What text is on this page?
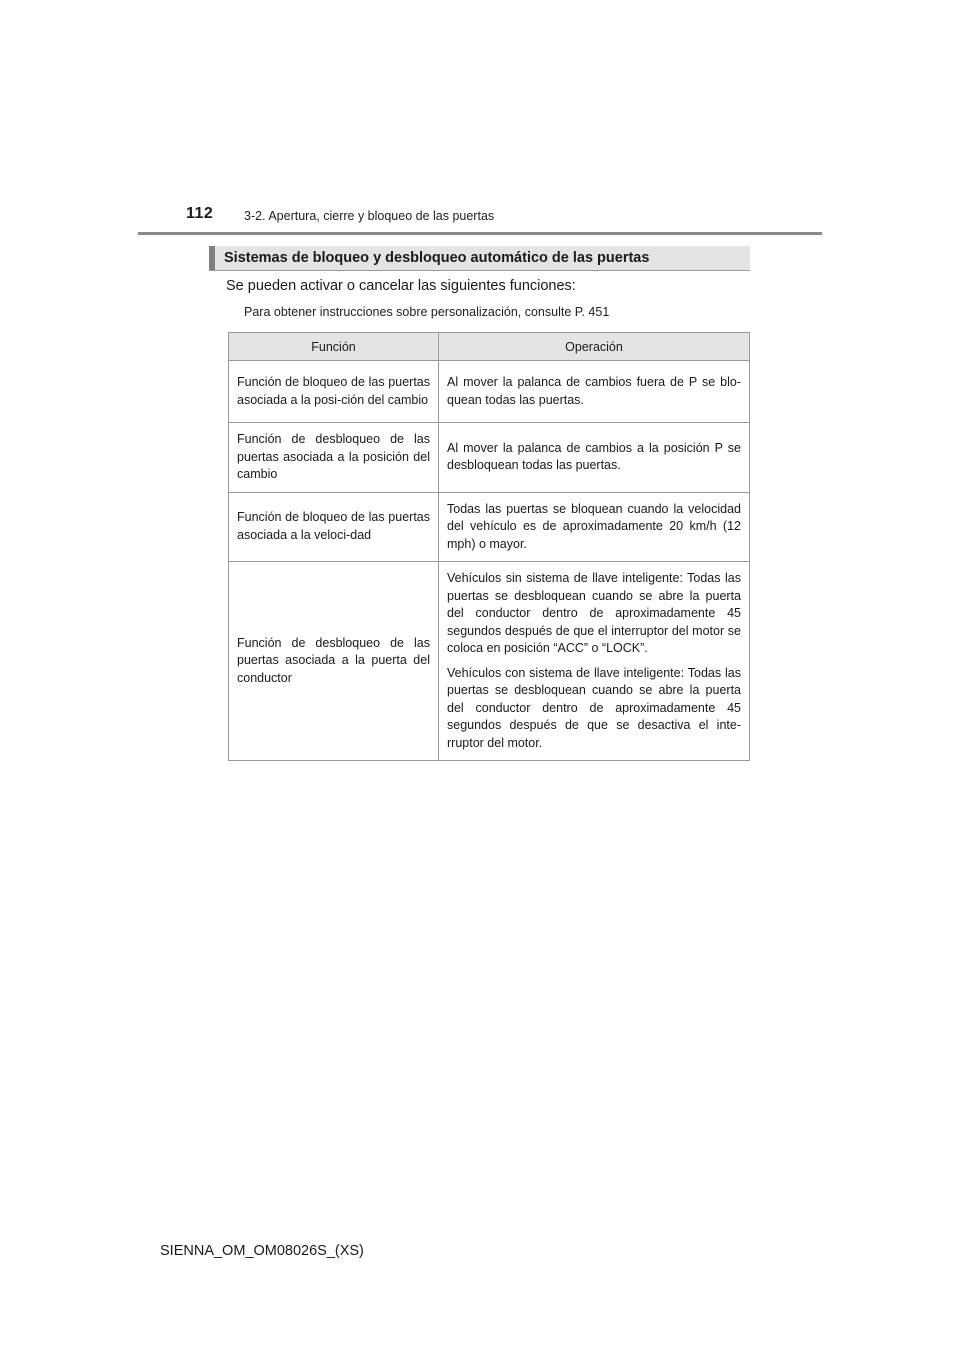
112 3-2. Apertura, cierre y bloqueo de las puertas
Sistemas de bloqueo y desbloqueo automático de las puertas
Se pueden activar o cancelar las siguientes funciones:
Para obtener instrucciones sobre personalización, consulte P. 451
Función	Operación
Función de bloqueo de las puertas asociada a la posi-ción del cambio	Al mover la palanca de cambios fuera de P se blo-quean todas las puertas.

Función de desbloqueo de las puertas asociada a la posición del cambio	Al mover la palanca de cambios a la posición P se desbloquean todas las puertas.

Función de bloqueo de las puertas asociada a la veloci-dad	Todas las puertas se bloquean cuando la velocidad del vehículo es de aproximadamente 20 km/h (12 mph) o mayor.

Función de desbloqueo de las puertas asociada a la puerta del conductor	Vehículos sin sistema de llave inteligente: Todas las puertas se desbloquean cuando se abre la puerta del conductor dentro de aproximadamente 45 segundos después de que el interruptor del motor se coloca en posición “ACC” o “LOCK”.

Vehículos con sistema de llave inteligente: Todas las puertas se desbloquean cuando se abre la puerta del conductor dentro de aproximadamente 45 segundos después de que se desactiva el inte-rruptor del motor.

SIENNA_OM_OM08026S_(XS)
